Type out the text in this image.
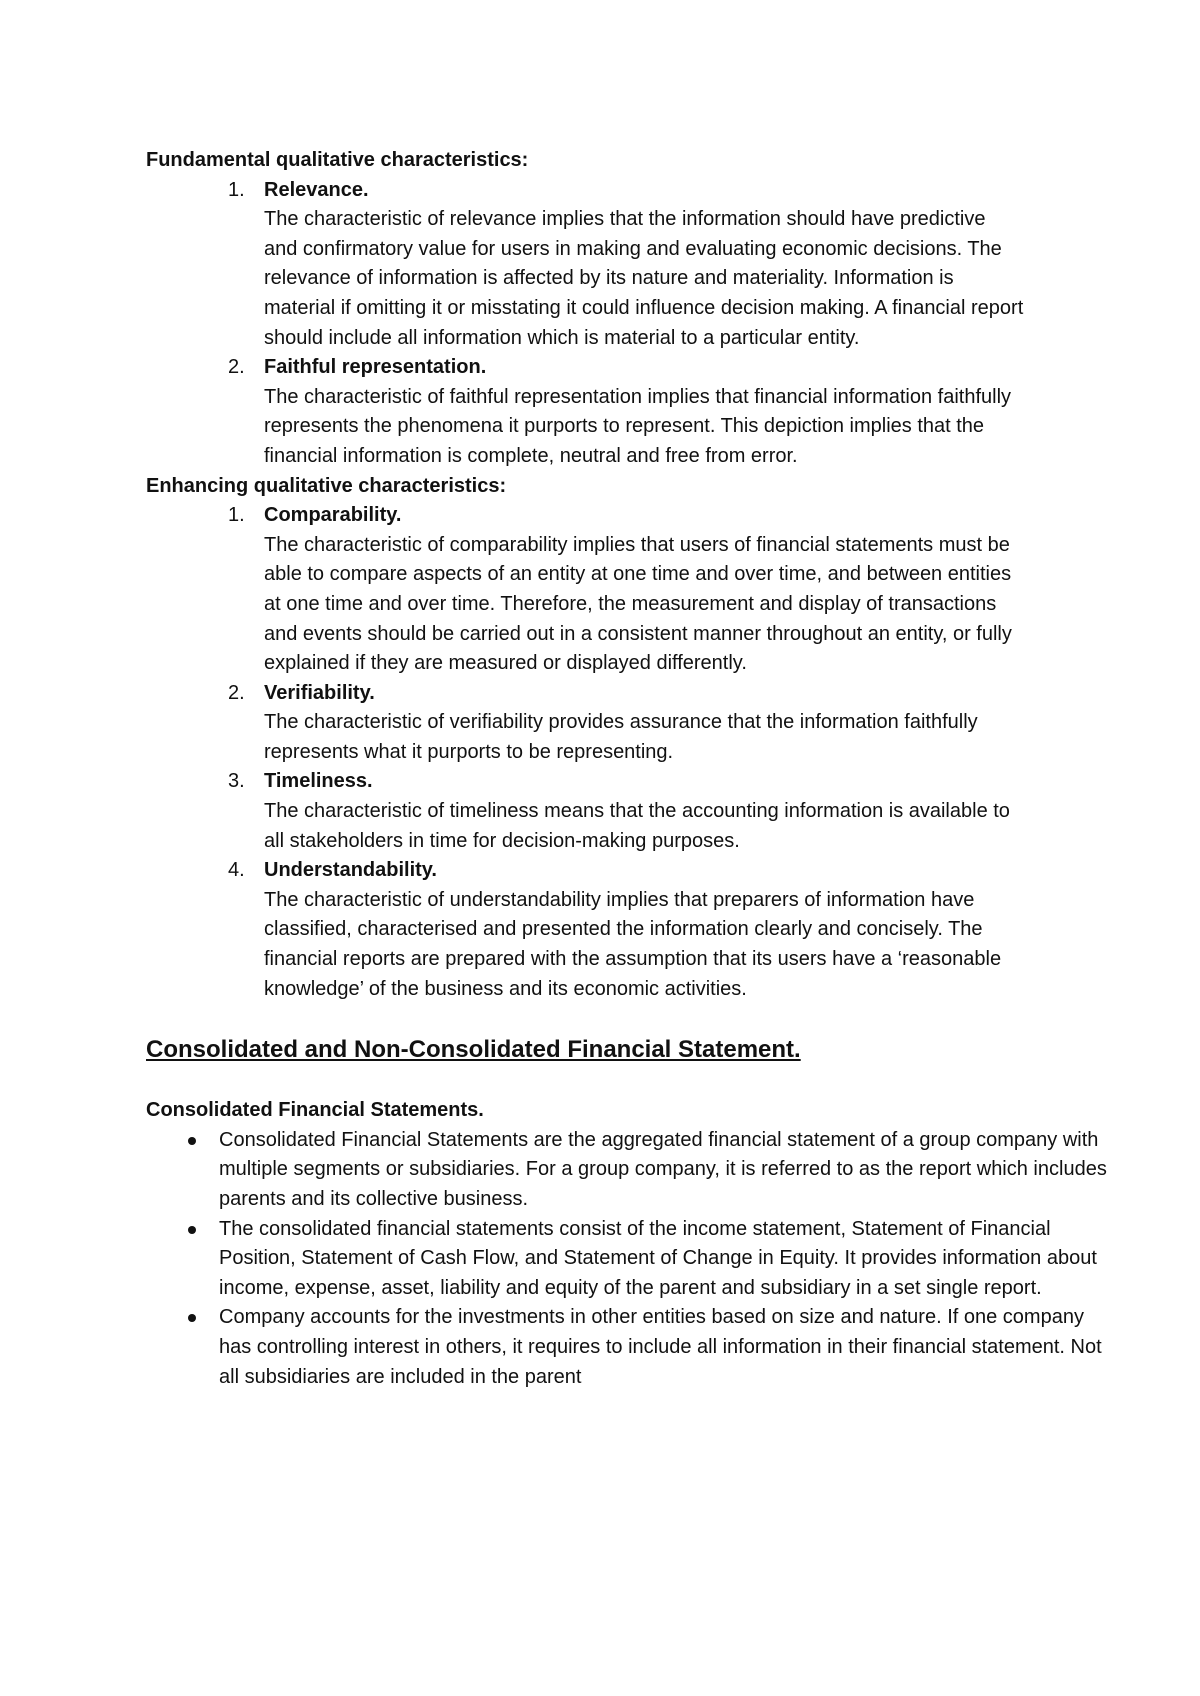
Fundamental qualitative characteristics:

1. Relevance.
The characteristic of relevance implies that the information should have predictive and confirmatory value for users in making and evaluating economic decisions. The relevance of information is affected by its nature and materiality. Information is material if omitting it or misstating it could influence decision making. A financial report should include all information which is material to a particular entity.
2. Faithful representation.
The characteristic of faithful representation implies that financial information faithfully represents the phenomena it purports to represent. This depiction implies that the financial information is complete, neutral and free from error.

Enhancing qualitative characteristics:

1. Comparability.
The characteristic of comparability implies that users of financial statements must be able to compare aspects of an entity at one time and over time, and between entities at one time and over time. Therefore, the measurement and display of transactions and events should be carried out in a consistent manner throughout an entity, or fully explained if they are measured or displayed differently.
2. Verifiability.
The characteristic of verifiability provides assurance that the information faithfully represents what it purports to be representing.
3. Timeliness.
The characteristic of timeliness means that the accounting information is available to all stakeholders in time for decision-making purposes.
4. Understandability.
The characteristic of understandability implies that preparers of information have classified, characterised and presented the information clearly and concisely. The financial reports are prepared with the assumption that its users have a ‘reasonable knowledge’ of the business and its economic activities.

Consolidated and Non-Consolidated Financial Statement.

Consolidated Financial Statements.

Consolidated Financial Statements are the aggregated financial statement of a group company with multiple segments or subsidiaries. For a group company, it is referred to as the report which includes parents and its collective business.
The consolidated financial statements consist of the income statement, Statement of Financial Position, Statement of Cash Flow, and Statement of Change in Equity. It provides information about income, expense, asset, liability and equity of the parent and subsidiary in a set single report.
Company accounts for the investments in other entities based on size and nature. If one company has controlling interest in others, it requires to include all information in their financial statement. Not all subsidiaries are included in the parent
